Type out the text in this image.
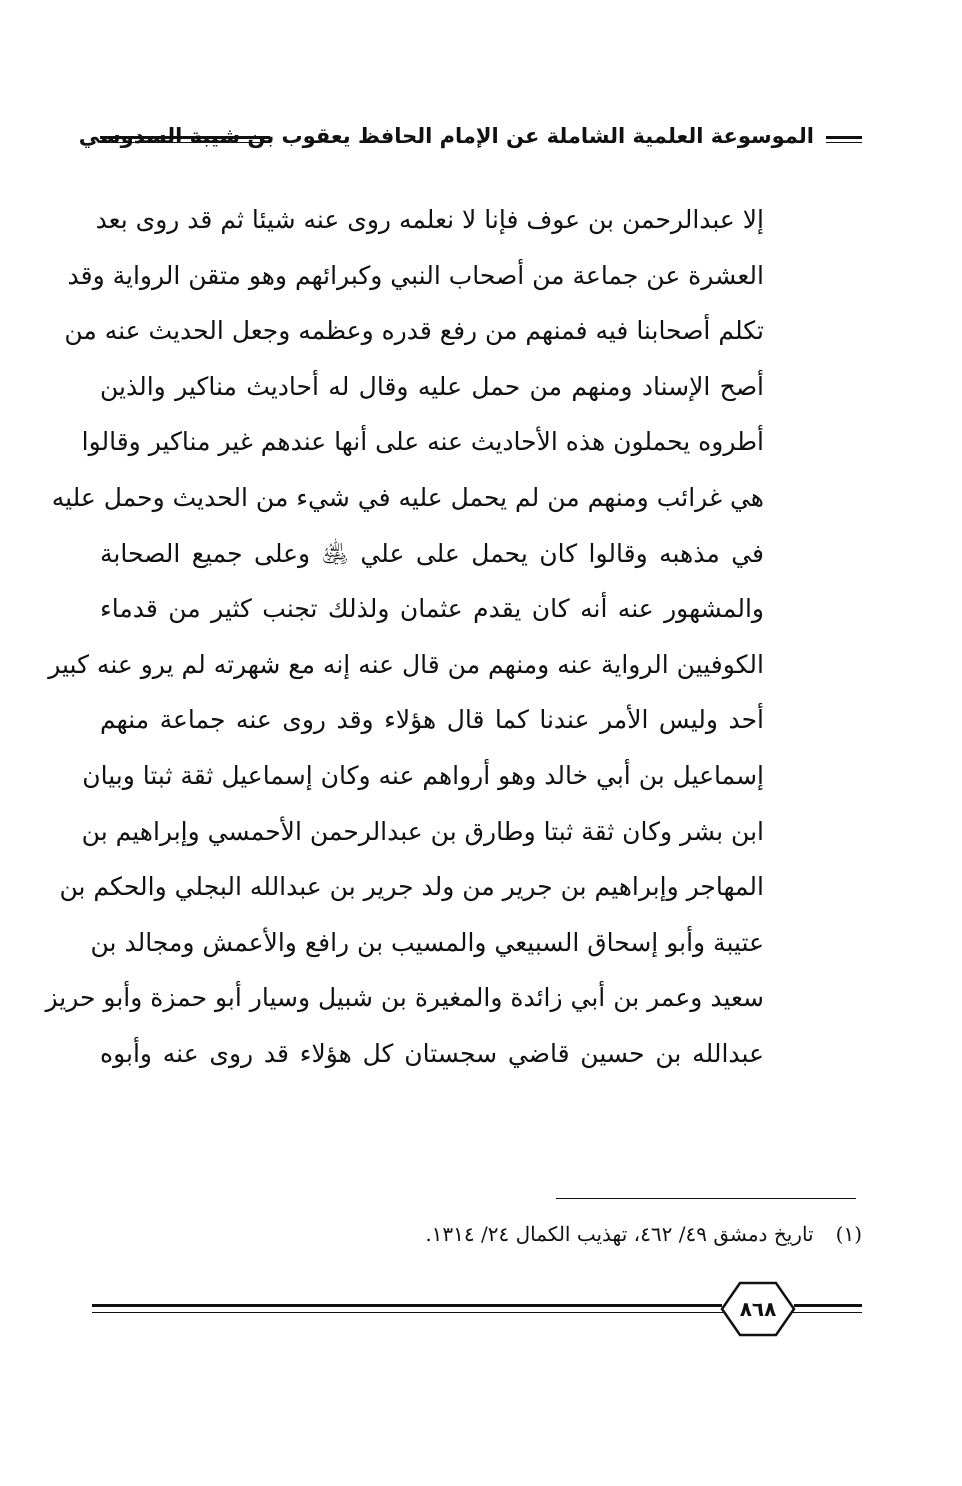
الموسوعة العلمية الشاملة عن الإمام الحافظ يعقوب بن شيبة السدوسي
إلا عبدالرحمن بن عوف فإنا لا نعلمه روى عنه شيئا ثم قد روى بعد
العشرة عن جماعة من أصحاب النبي وكبرائهم وهو متقن الرواية وقد
تكلم أصحابنا فيه فمنهم من رفع قدره وعظمه وجعل الحديث عنه من
أصح الإسناد ومنهم من حمل عليه وقال له أحاديث مناكير والذين
أطروه يحملون هذه الأحاديث عنه على أنها عندهم غير مناكير وقالوا
هي غرائب ومنهم من لم يحمل عليه في شيء من الحديث وحمل عليه
في مذهبه وقالوا كان يحمل على علي ﵁ وعلى جميع الصحابة
والمشهور عنه أنه كان يقدم عثمان ولذلك تجنب كثير من قدماء
الكوفيين الرواية عنه ومنهم من قال عنه إنه مع شهرته لم يرو عنه كبير
أحد وليس الأمر عندنا كما قال هؤلاء وقد روى عنه جماعة منهم
إسماعيل بن أبي خالد وهو أرواهم عنه وكان إسماعيل ثقة ثبتا وبيان
ابن بشر وكان ثقة ثبتا وطارق بن عبدالرحمن الأحمسي وإبراهيم بن
المهاجر وإبراهيم بن جرير من ولد جرير بن عبدالله البجلي والحكم بن
عتيبة وأبو إسحاق السبيعي والمسيب بن رافع والأعمش ومجالد بن
سعيد وعمر بن أبي زائدة والمغيرة بن شبيل وسيار أبو حمزة وأبو حريز
عبدالله بن حسين قاضي سجستان كل هؤلاء قد روى عنه وأبوه
(١)تاريخ دمشق ٤٩/ ٤٦٢، تهذيب الكمال ٢٤/ ١٣١٤.
٨٦٨
